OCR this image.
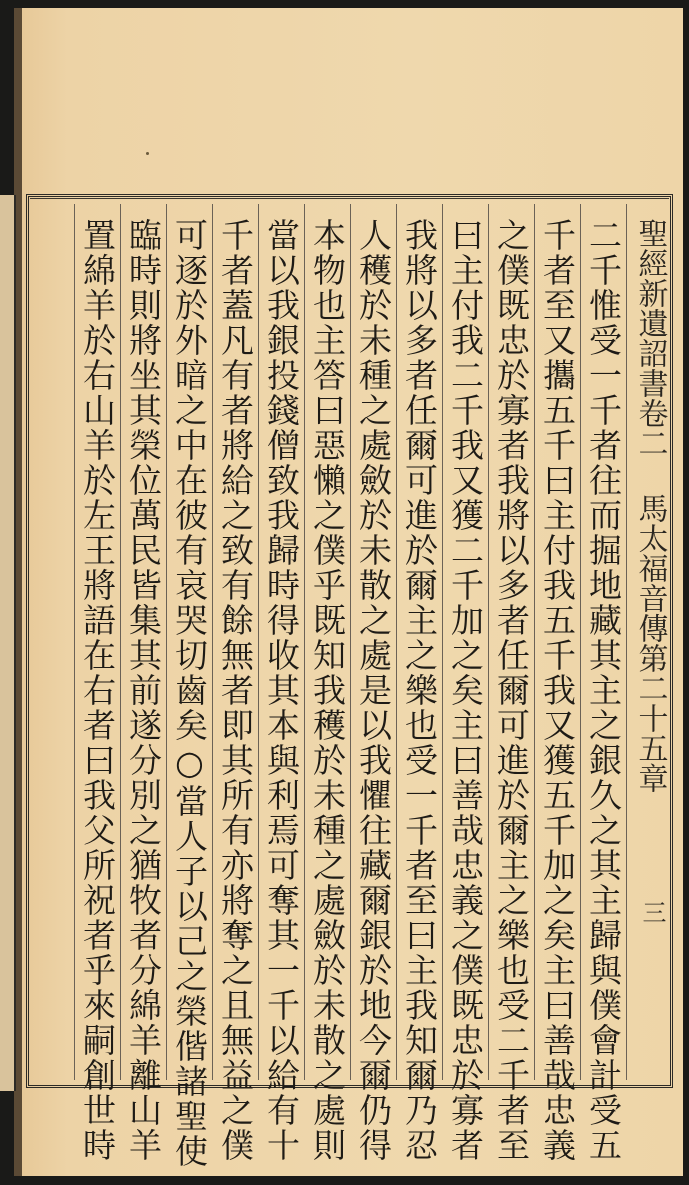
聖經新遺詔書卷二 馬太福音傳第二十五章
二千惟受一千者往而掘地藏其主之銀久之其主歸與僕會計受五
千者至又攜五千曰主付我五千我又獲五千加之矣主曰善哉忠義
之僕既忠於寡者我將以多者任爾可進於爾主之樂也受二千者至
曰主付我二千我又獲二千加之矣主曰善哉忠義之僕既忠於寡者
我將以多者任爾可進於爾主之樂也受一千者至曰主我知爾乃忍
人穫於未種之處斂於未散之處是以我懼往藏爾銀於地今爾仍得
本物也主答曰惡懶之僕乎既知我穫於未種之處斂於未散之處則
當以我銀投錢僧致我歸時得收其本與利焉可奪其一千以給有十
千者蓋凡有者將給之致有餘無者即其所有亦將奪之且無益之僕
可逐於外暗之中在彼有哀哭切齒矣○當人子以己之榮偕諸聖使
臨時則將坐其榮位萬民皆集其前遂分別之猶牧者分綿羊離山羊
置綿羊於右山羊於左王將語在右者曰我父所祝者乎來嗣創世時	三
